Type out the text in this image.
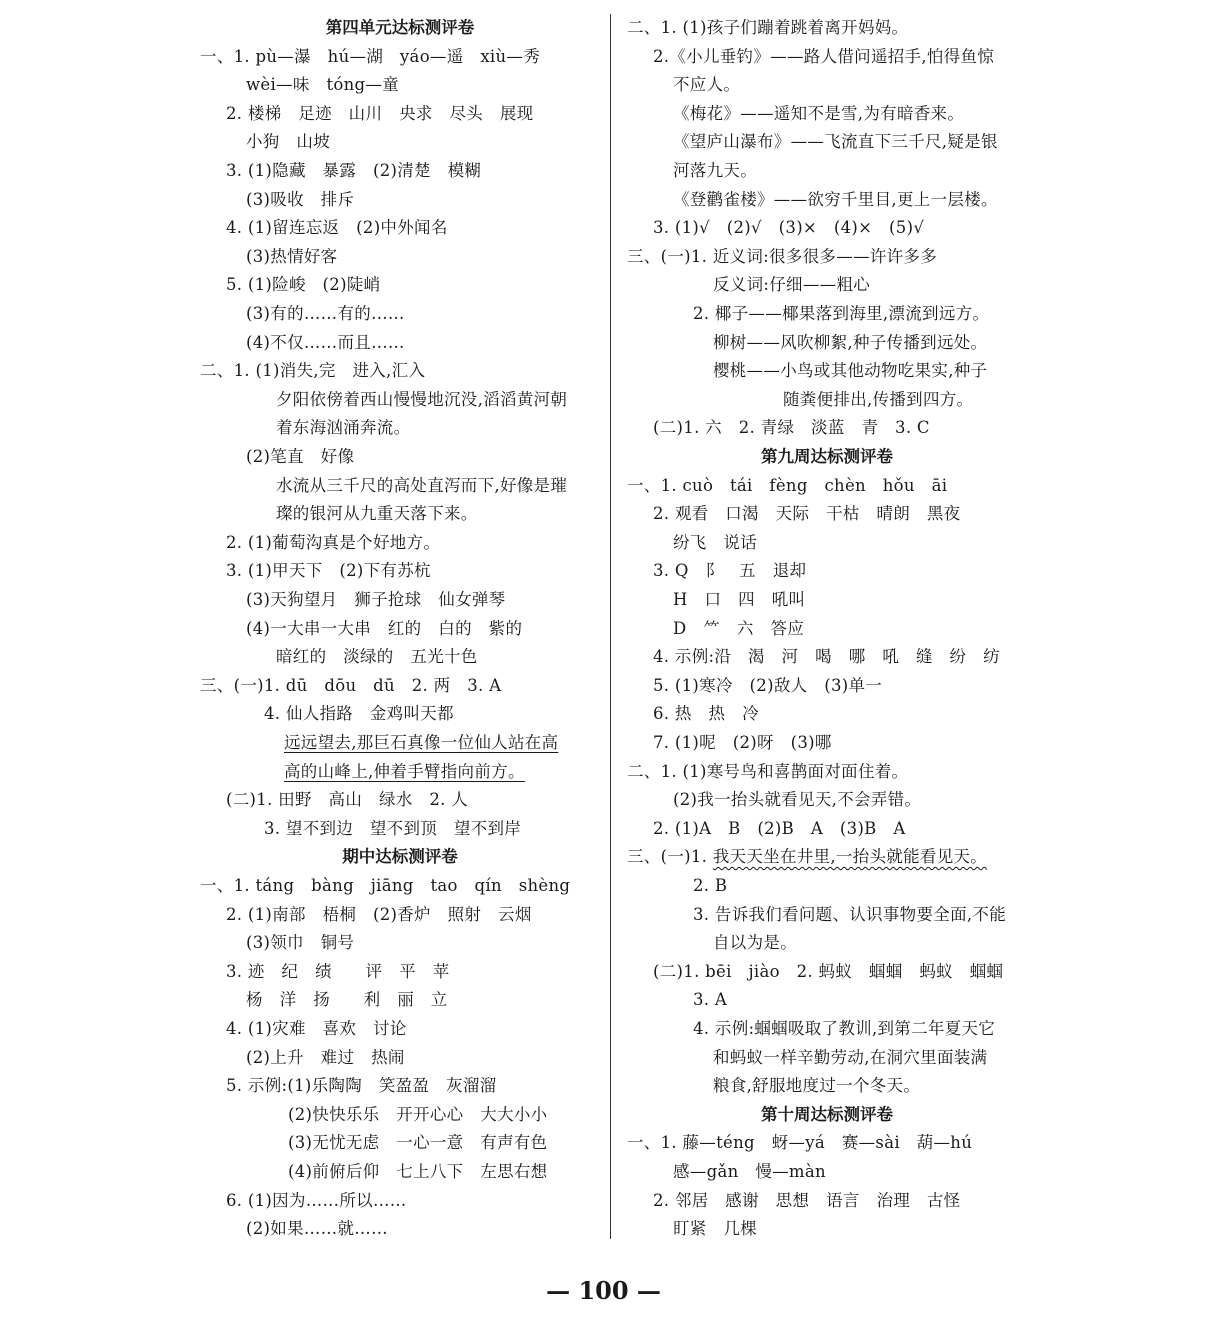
第四单元达标测评卷
一、1. pù—瀑　hú—湖　yáo—遥　xiù—秀
wèi—味　tóng—童
2. 楼梯　足迹　山川　央求　尽头　展现
小狗　山坡
3. (1)隐藏　暴露　(2)清楚　模糊
(3)吸收　排斥
4. (1)留连忘返　(2)中外闻名
(3)热情好客
5. (1)险峻　(2)陡峭
(3)有的……有的……
(4)不仅……而且……
二、1. (1)消失,完　进入,汇入
夕阳依傍着西山慢慢地沉没,滔滔黄河朝
着东海汹涌奔流。
(2)笔直　好像
水流从三千尺的高处直泻而下,好像是璀
璨的银河从九重天落下来。
2. (1)葡萄沟真是个好地方。
3. (1)甲天下　(2)下有苏杭
(3)天狗望月　狮子抢球　仙女弹琴
(4)一大串一大串　红的　白的　紫的
暗红的　淡绿的　五光十色
三、(一)1. dū　dōu　dū　2. 两　3. A
4. 仙人指路　金鸡叫天都
远远望去,那巨石真像一位仙人站在高
高的山峰上,伸着手臂指向前方。
(二)1. 田野　高山　绿水　2. 人
3. 望不到边　望不到顶　望不到岸
期中达标测评卷
一、1. táng　bàng　jiāng　tao　qín　shèng
2. (1)南部　梧桐　(2)香炉　照射　云烟
(3)领巾　铜号
3. 迹　纪　绩　　评　平　苹
杨　洋　扬　　利　丽　立
4. (1)灾难　喜欢　讨论
(2)上升　难过　热闹
5. 示例:(1)乐陶陶　笑盈盈　灰溜溜
(2)快快乐乐　开开心心　大大小小
(3)无忧无虑　一心一意　有声有色
(4)前俯后仰　七上八下　左思右想
6. (1)因为……所以……
(2)如果……就……
二、1. (1)孩子们蹦着跳着离开妈妈。
2.《小儿垂钓》——路人借问遥招手,怕得鱼惊
不应人。
《梅花》——遥知不是雪,为有暗香来。
《望庐山瀑布》——飞流直下三千尺,疑是银
河落九天。
《登鹳雀楼》——欲穷千里目,更上一层楼。
3. (1)√　(2)√　(3)×　(4)×　(5)√
三、(一)1. 近义词:很多很多——许许多多
反义词:仔细——粗心
2. 椰子——椰果落到海里,漂流到远方。
柳树——风吹柳絮,种子传播到远处。
樱桃——小鸟或其他动物吃果实,种子
随粪便排出,传播到四方。
(二)1. 六　2. 青绿　淡蓝　青　3. C
第九周达标测评卷
一、1. cuò　tái　fèng　chèn　hǒu　āi
2. 观看　口渴　天际　干枯　晴朗　黑夜
纷飞　说话
3. Q　阝　五　退却
H　口　四　吼叫
D　⺮　六　答应
4. 示例:沿　渴　河　喝　哪　吼　缝　纷　纺
5. (1)寒冷　(2)敌人　(3)单一
6. 热　热　冷
7. (1)呢　(2)呀　(3)哪
二、1. (1)寒号鸟和喜鹊面对面住着。
(2)我一抬头就看见天,不会弄错。
2. (1)A　B　(2)B　A　(3)B　A
三、(一)1. 我天天坐在井里,一抬头就能看见天。
2. B
3. 告诉我们看问题、认识事物要全面,不能
自以为是。
(二)1. bēi　jiào　2. 蚂蚁　蝈蝈　蚂蚁　蝈蝈
3. A
4. 示例:蝈蝈吸取了教训,到第二年夏天它
和蚂蚁一样辛勤劳动,在洞穴里面装满
粮食,舒服地度过一个冬天。
第十周达标测评卷
一、1. 藤—téng　蚜—yá　赛—sài　葫—hú
感—gǎn　慢—màn
2. 邻居　感谢　思想　语言　治理　古怪
盯紧　几棵
— 100 —
